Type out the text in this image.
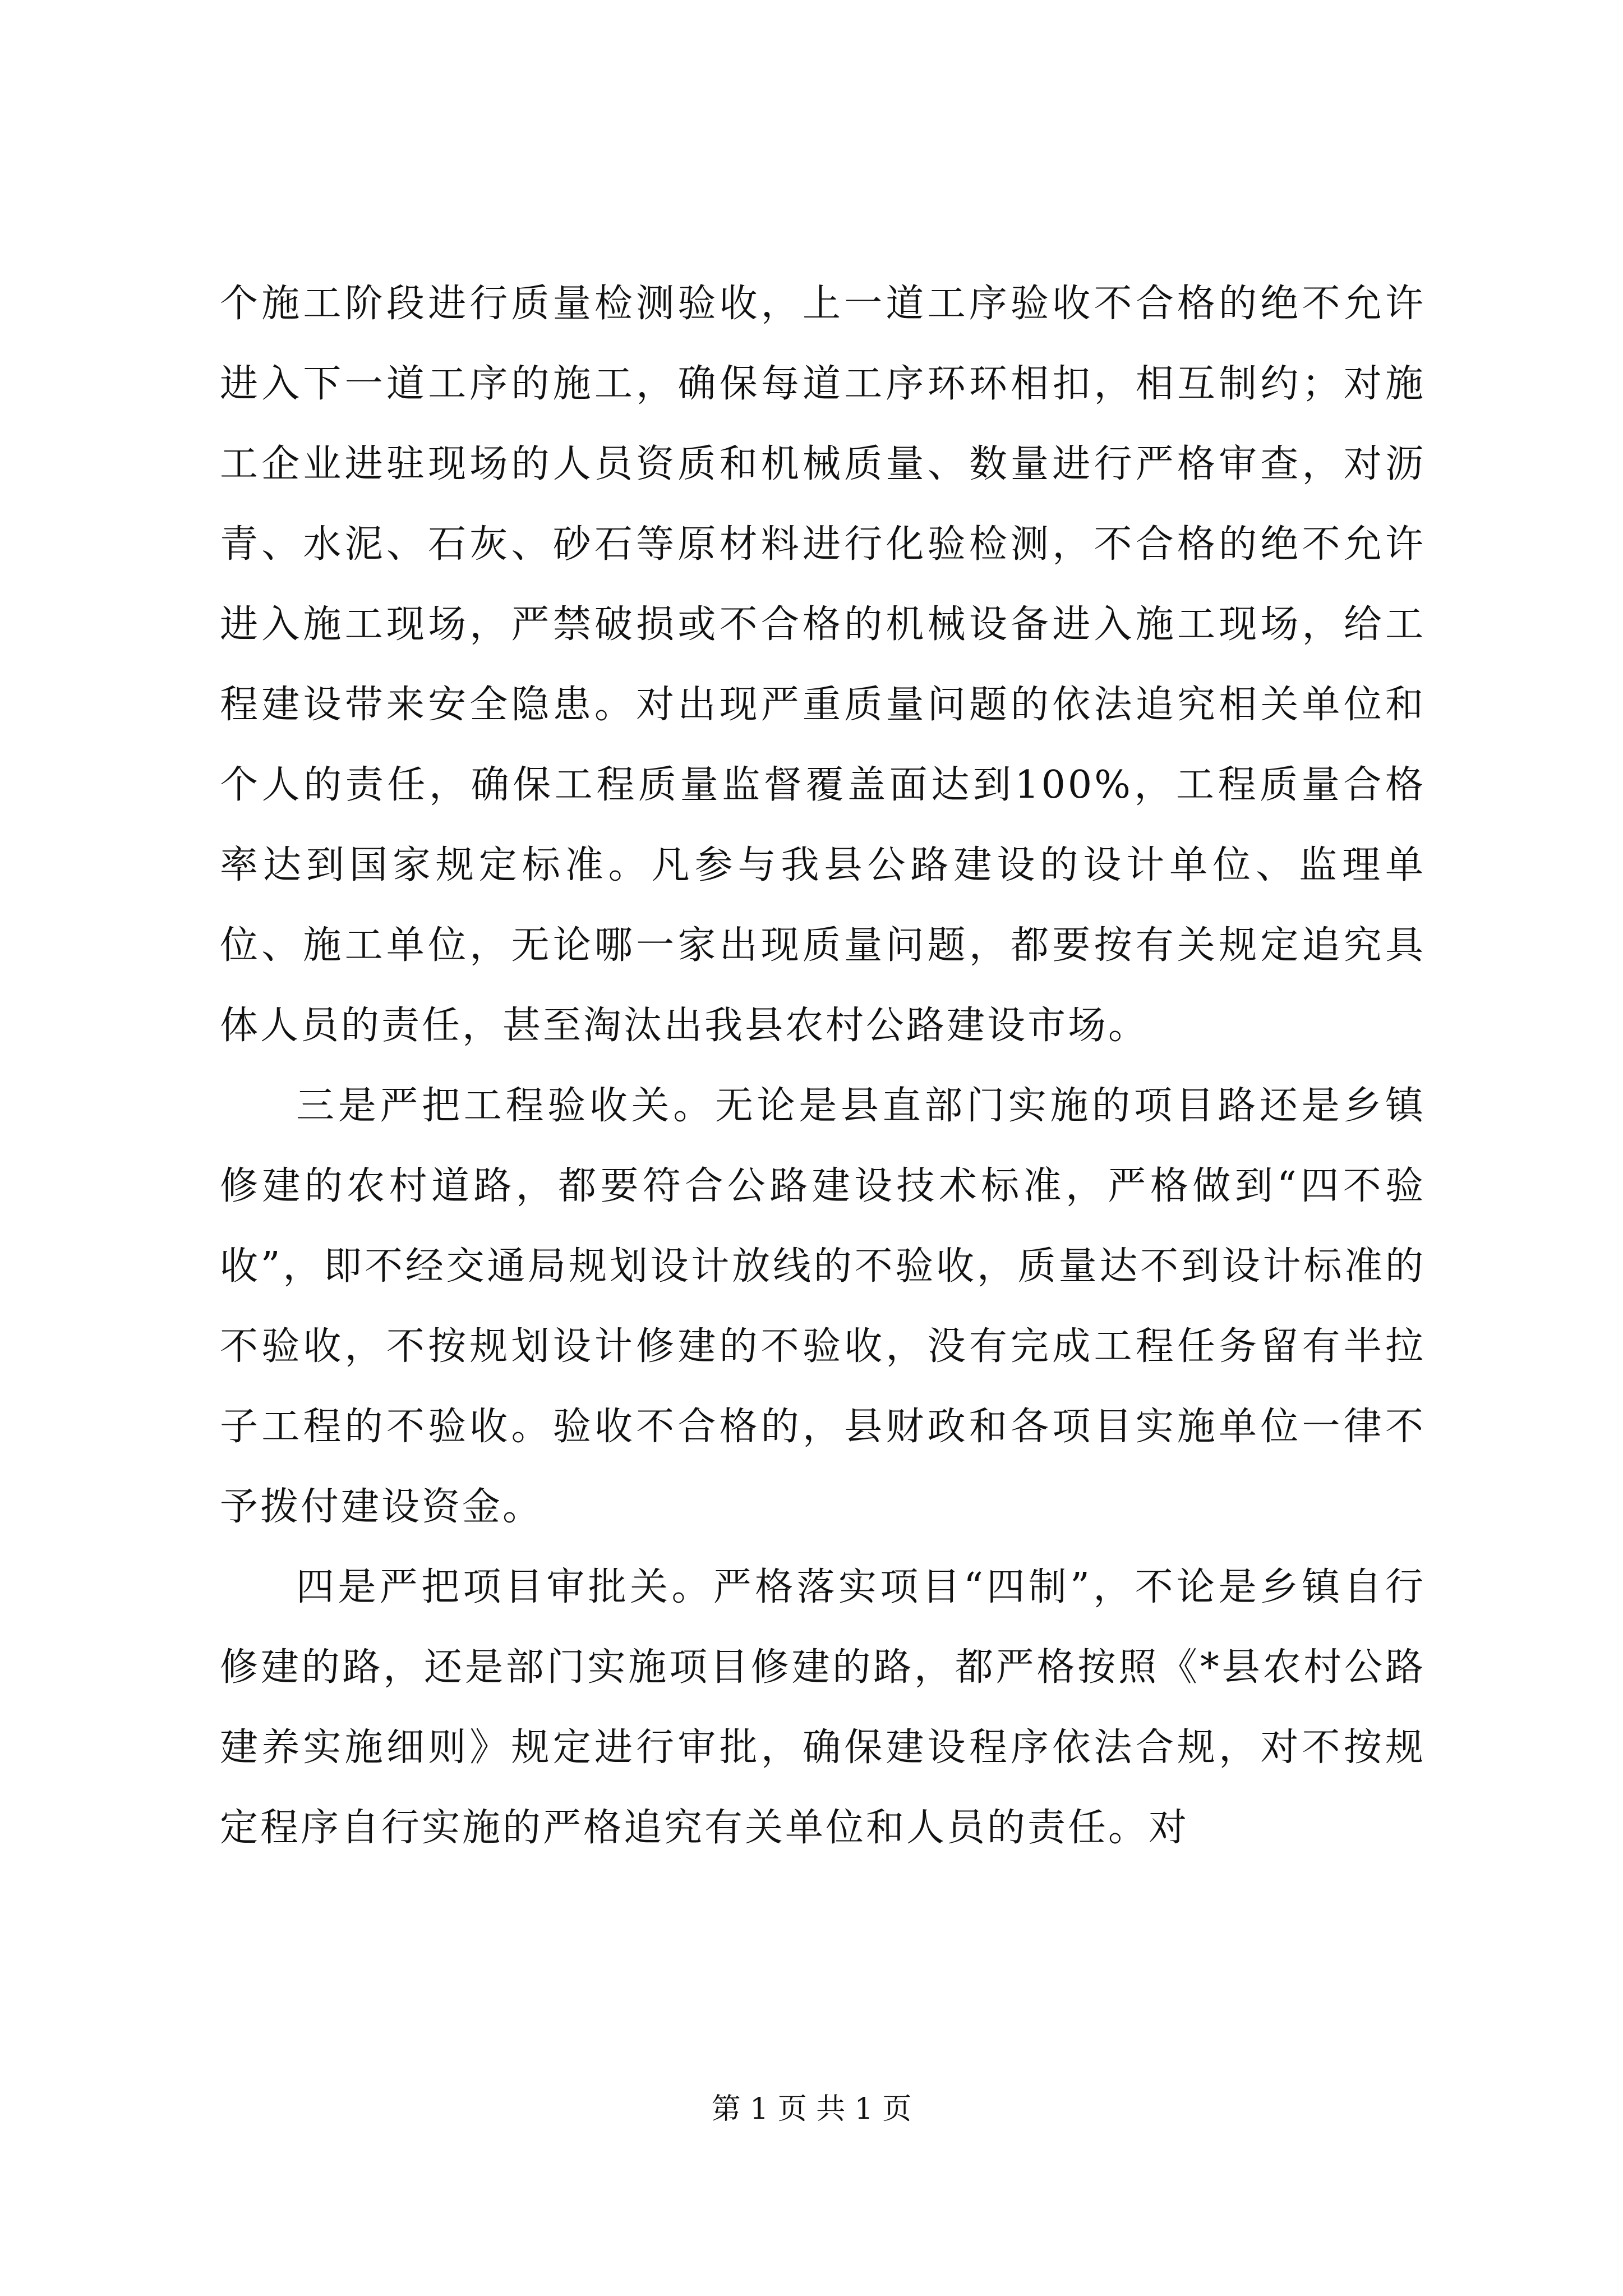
个施工阶段进行质量检测验收，上一道工序验收不合格的绝不允许进入下一道工序的施工，确保每道工序环环相扣，相互制约；对施工企业进驻现场的人员资质和机械质量、数量进行严格审查，对沥青、水泥、石灰、砂石等原材料进行化验检测，不合格的绝不允许进入施工现场，严禁破损或不合格的机械设备进入施工现场，给工程建设带来安全隐患。对出现严重质量问题的依法追究相关单位和个人的责任，确保工程质量监督覆盖面达到100%，工程质量合格率达到国家规定标准。凡参与我县公路建设的设计单位、监理单位、施工单位，无论哪一家出现质量问题，都要按有关规定追究具体人员的责任，甚至淘汰出我县农村公路建设市场。

三是严把工程验收关。无论是县直部门实施的项目路还是乡镇修建的农村道路，都要符合公路建设技术标准，严格做到“四不验收”，即不经交通局规划设计放线的不验收，质量达不到设计标准的不验收，不按规划设计修建的不验收，没有完成工程任务留有半拉子工程的不验收。验收不合格的，县财政和各项目实施单位一律不予拨付建设资金。

四是严把项目审批关。严格落实项目“四制”，不论是乡镇自行修建的路，还是部门实施项目修建的路，都严格按照《*县农村公路建养实施细则》规定进行审批，确保建设程序依法合规，对不按规定程序自行实施的严格追究有关单位和人员的责任。对

第 1 页 共 1 页
